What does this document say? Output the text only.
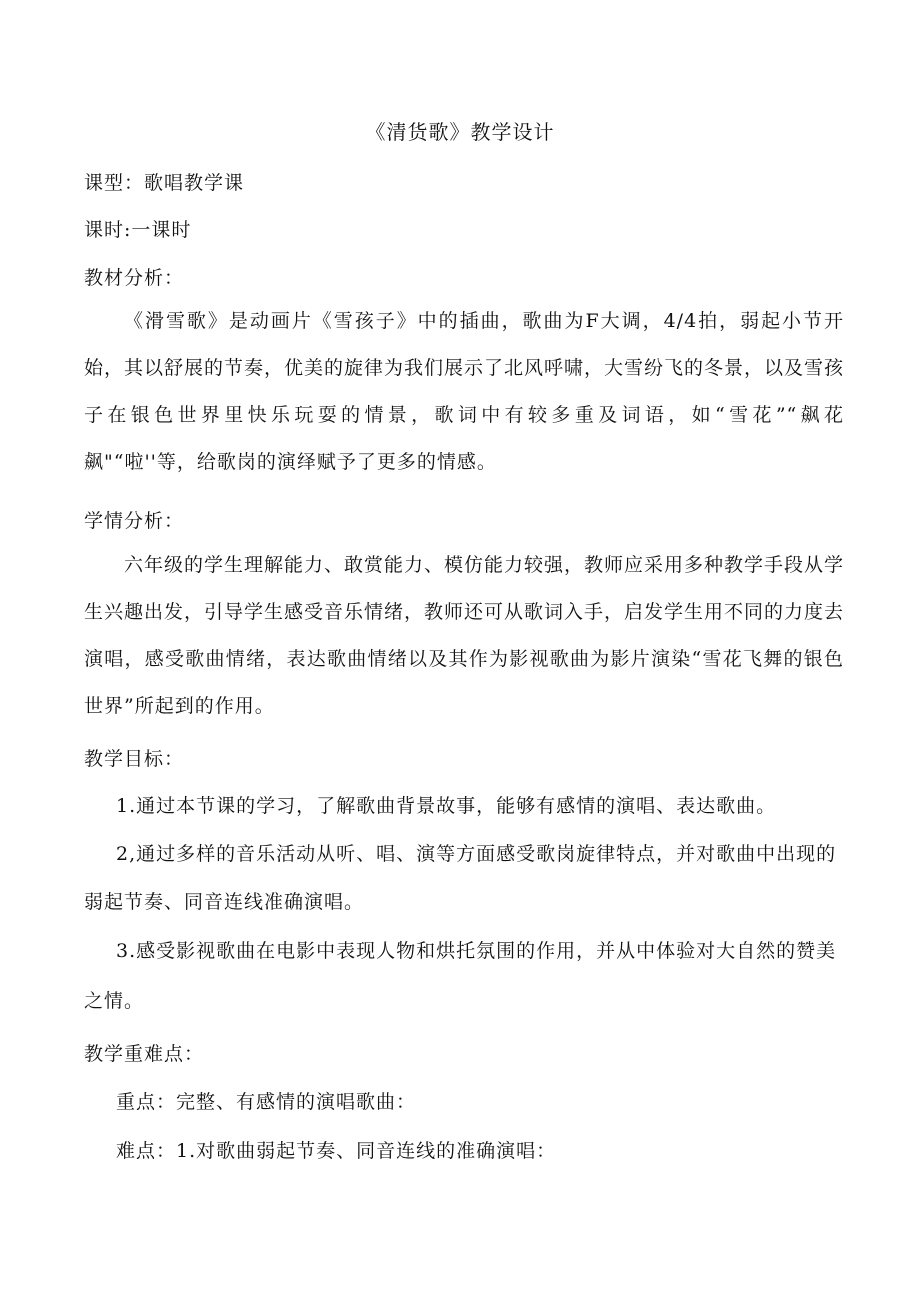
《清货歌》教学设计
课型：歌唱教学课
课时:一课时
教材分析：
《滑雪歌》是动画片《雪孩子》中的插曲，歌曲为F大调，4/4拍，弱起小节开始，其以舒展的节奏，优美的旋律为我们展示了北风呼啸，大雪纷飞的冬景，以及雪孩子在银色世界里快乐玩耍的情景，歌词中有较多重及词语，如“雪花”“飙花飙"“啦''等，给歌岗的演绎赋予了更多的情感。
学情分析：
六年级的学生理解能力、敢赏能力、模仿能力较强，教师应采用多种教学手段从学生兴趣出发，引导学生感受音乐情绪，教师还可从歌词入手，启发学生用不同的力度去演唱，感受歌曲情绪，表达歌曲情绪以及其作为影视歌曲为影片演染“雪花飞舞的银色世界”所起到的作用。
教学目标：
1.通过本节课的学习，了解歌曲背景故事，能够有感情的演唱、表达歌曲。
2,通过多样的音乐活动从听、唱、演等方面感受歌岗旋律特点，并对歌曲中出现的弱起节奏、同音连线准确演唱。
3.感受影视歌曲在电影中表现人物和烘托氛围的作用，并从中体验对大自然的赞美之情。
教学重难点：
重点：完整、有感情的演唱歌曲：
难点：1.对歌曲弱起节奏、同音连线的准确演唱：
